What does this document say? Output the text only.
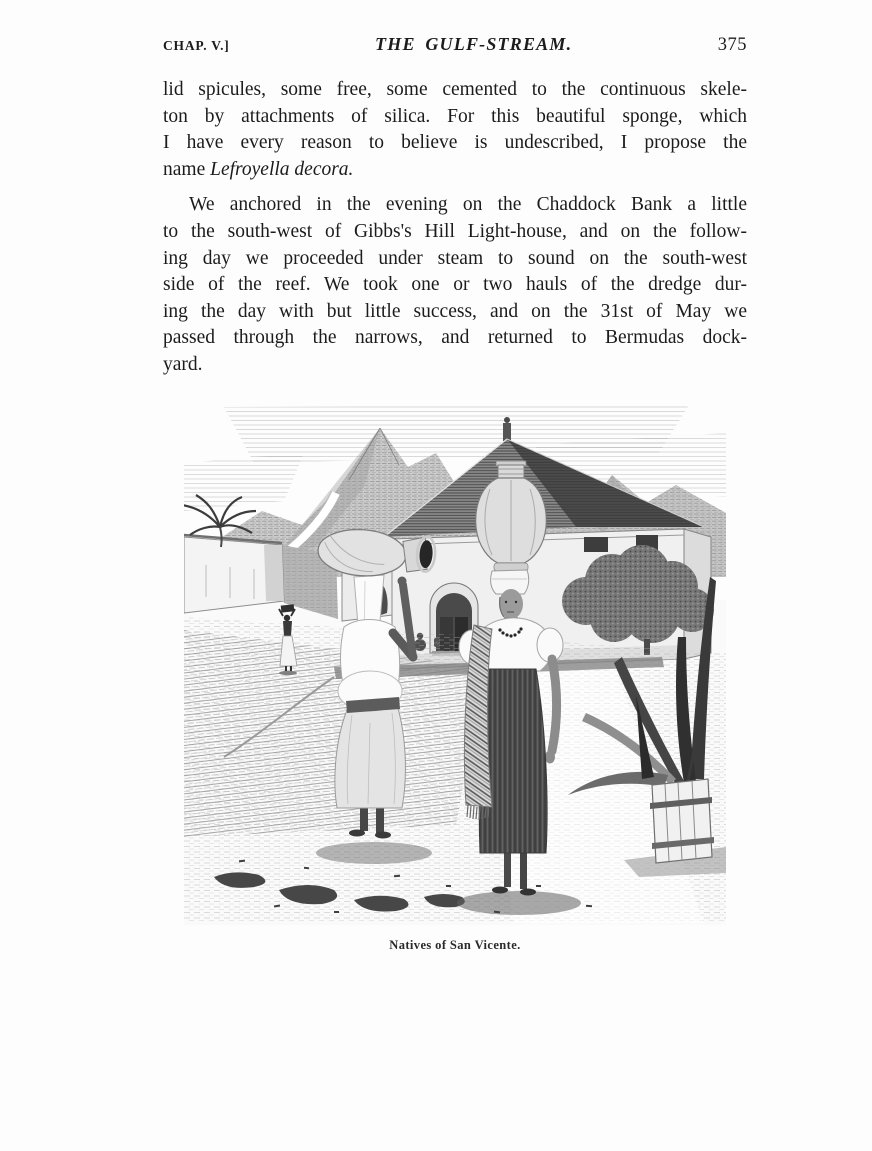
CHAP. V.]	THE GULF-STREAM.	375
lid spicules, some free, some cemented to the continuous skele-
ton by attachments of silica. For this beautiful sponge, which
I have every reason to believe is undescribed, I propose the
name Lefroyella decora.
We anchored in the evening on the Chaddock Bank a little
to the south-west of Gibbs's Hill Light-house, and on the follow-
ing day we proceeded under steam to sound on the south-west
side of the reef. We took one or two hauls of the dredge dur-
ing the day with but little success, and on the 31st of May we
passed through the narrows, and returned to Bermudas dock-
yard.
Natives of San Vicente.
